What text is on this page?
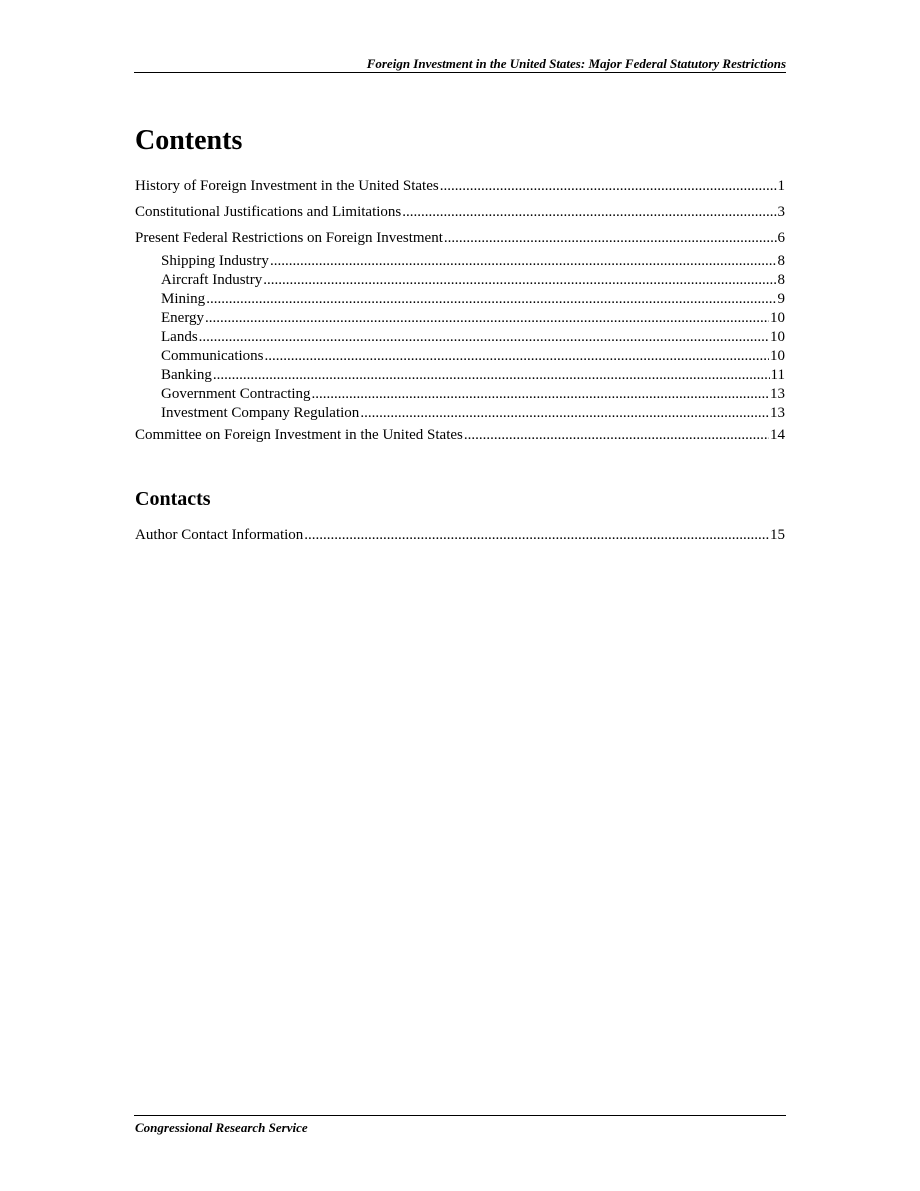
Foreign Investment in the United States: Major Federal Statutory Restrictions
Contents
History of Foreign Investment in the United States .....	1
Constitutional Justifications and Limitations .....	3
Present Federal Restrictions on Foreign Investment .....	6
Shipping Industry .....	8
Aircraft Industry .....	8
Mining .....	9
Energy .....	10
Lands .....	10
Communications .....	10
Banking .....	11
Government Contracting .....	13
Investment Company Regulation .....	13
Committee on Foreign Investment in the United States .....	14
Contacts
Author Contact Information .....	15
Congressional Research Service
